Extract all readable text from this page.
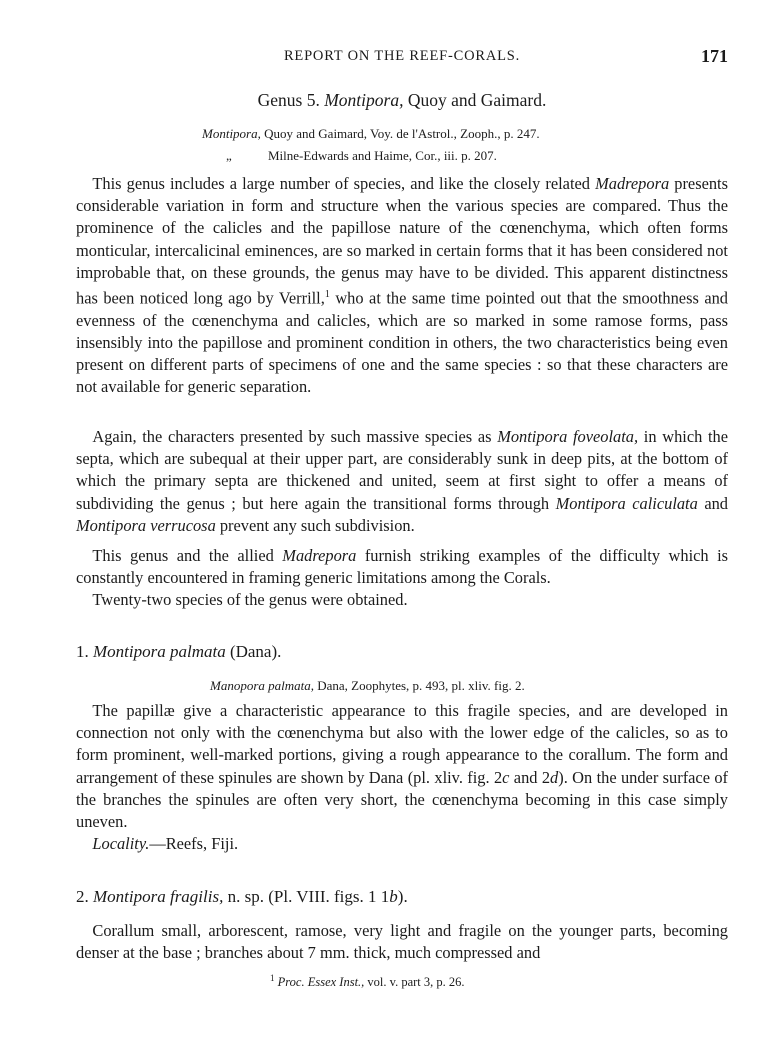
REPORT ON THE REEF-CORALS.	171
Genus 5. Montipora, Quoy and Gaimard.
Montipora, Quoy and Gaimard, Voy. de l'Astrol., Zooph., p. 247.
„	Milne-Edwards and Haime, Cor., iii. p. 207.

 This genus includes a large number of species, and like the closely related Madrepora presents considerable variation in form and structure when the various species are compared. Thus the prominence of the calicles and the papillose nature of the cœnenchyma, which often forms monticular, intercalicinal eminences, are so marked in certain forms that it has been considered not improbable that, on these grounds, the genus may have to be divided. This apparent distinctness has been noticed long ago by Verrill,$^1$ who at the same time pointed out that the smoothness and evenness of the cœnenchyma and calicles, which are so marked in some ramose forms, pass insensibly into the papillose and prominent condition in others, the two characteristics being even present on different parts of specimens of one and the same species : so that these characters are not available for generic separation.

 Again, the characters presented by such massive species as Montipora foveolata, in which the septa, which are subequal at their upper part, are considerably sunk in deep pits, at the bottom of which the primary septa are thickened and united, seem at first sight to offer a means of subdividing the genus ; but here again the transitional forms through Montipora caliculata and Montipora verrucosa prevent any such subdivision.

 This genus and the allied Madrepora furnish striking examples of the difficulty which is constantly encountered in framing generic limitations among the Corals.

 Twenty-two species of the genus were obtained.

1. Montipora palmata (Dana).
Manopora palmata, Dana, Zoophytes, p. 493, pl. xliv. fig. 2.

 The papillæ give a characteristic appearance to this fragile species, and are developed in connection not only with the cœnenchyma but also with the lower edge of the calicles, so as to form prominent, well-marked portions, giving a rough appearance to the corallum. The form and arrangement of these spinules are shown by Dana (pl. xliv. fig. 2c and 2d). On the under surface of the branches the spinules are often very short, the cœnenchyma becoming in this case simply uneven.

 Locality.—Reefs, Fiji.

2. Montipora fragilis, n. sp. (Pl. VIII. figs. 1 1b).

 Corallum small, arborescent, ramose, very light and fragile on the younger parts, becoming denser at the base ; branches about 7 mm. thick, much compressed and

$^1$ Proc. Essex Inst., vol. v. part 3, p. 26.
